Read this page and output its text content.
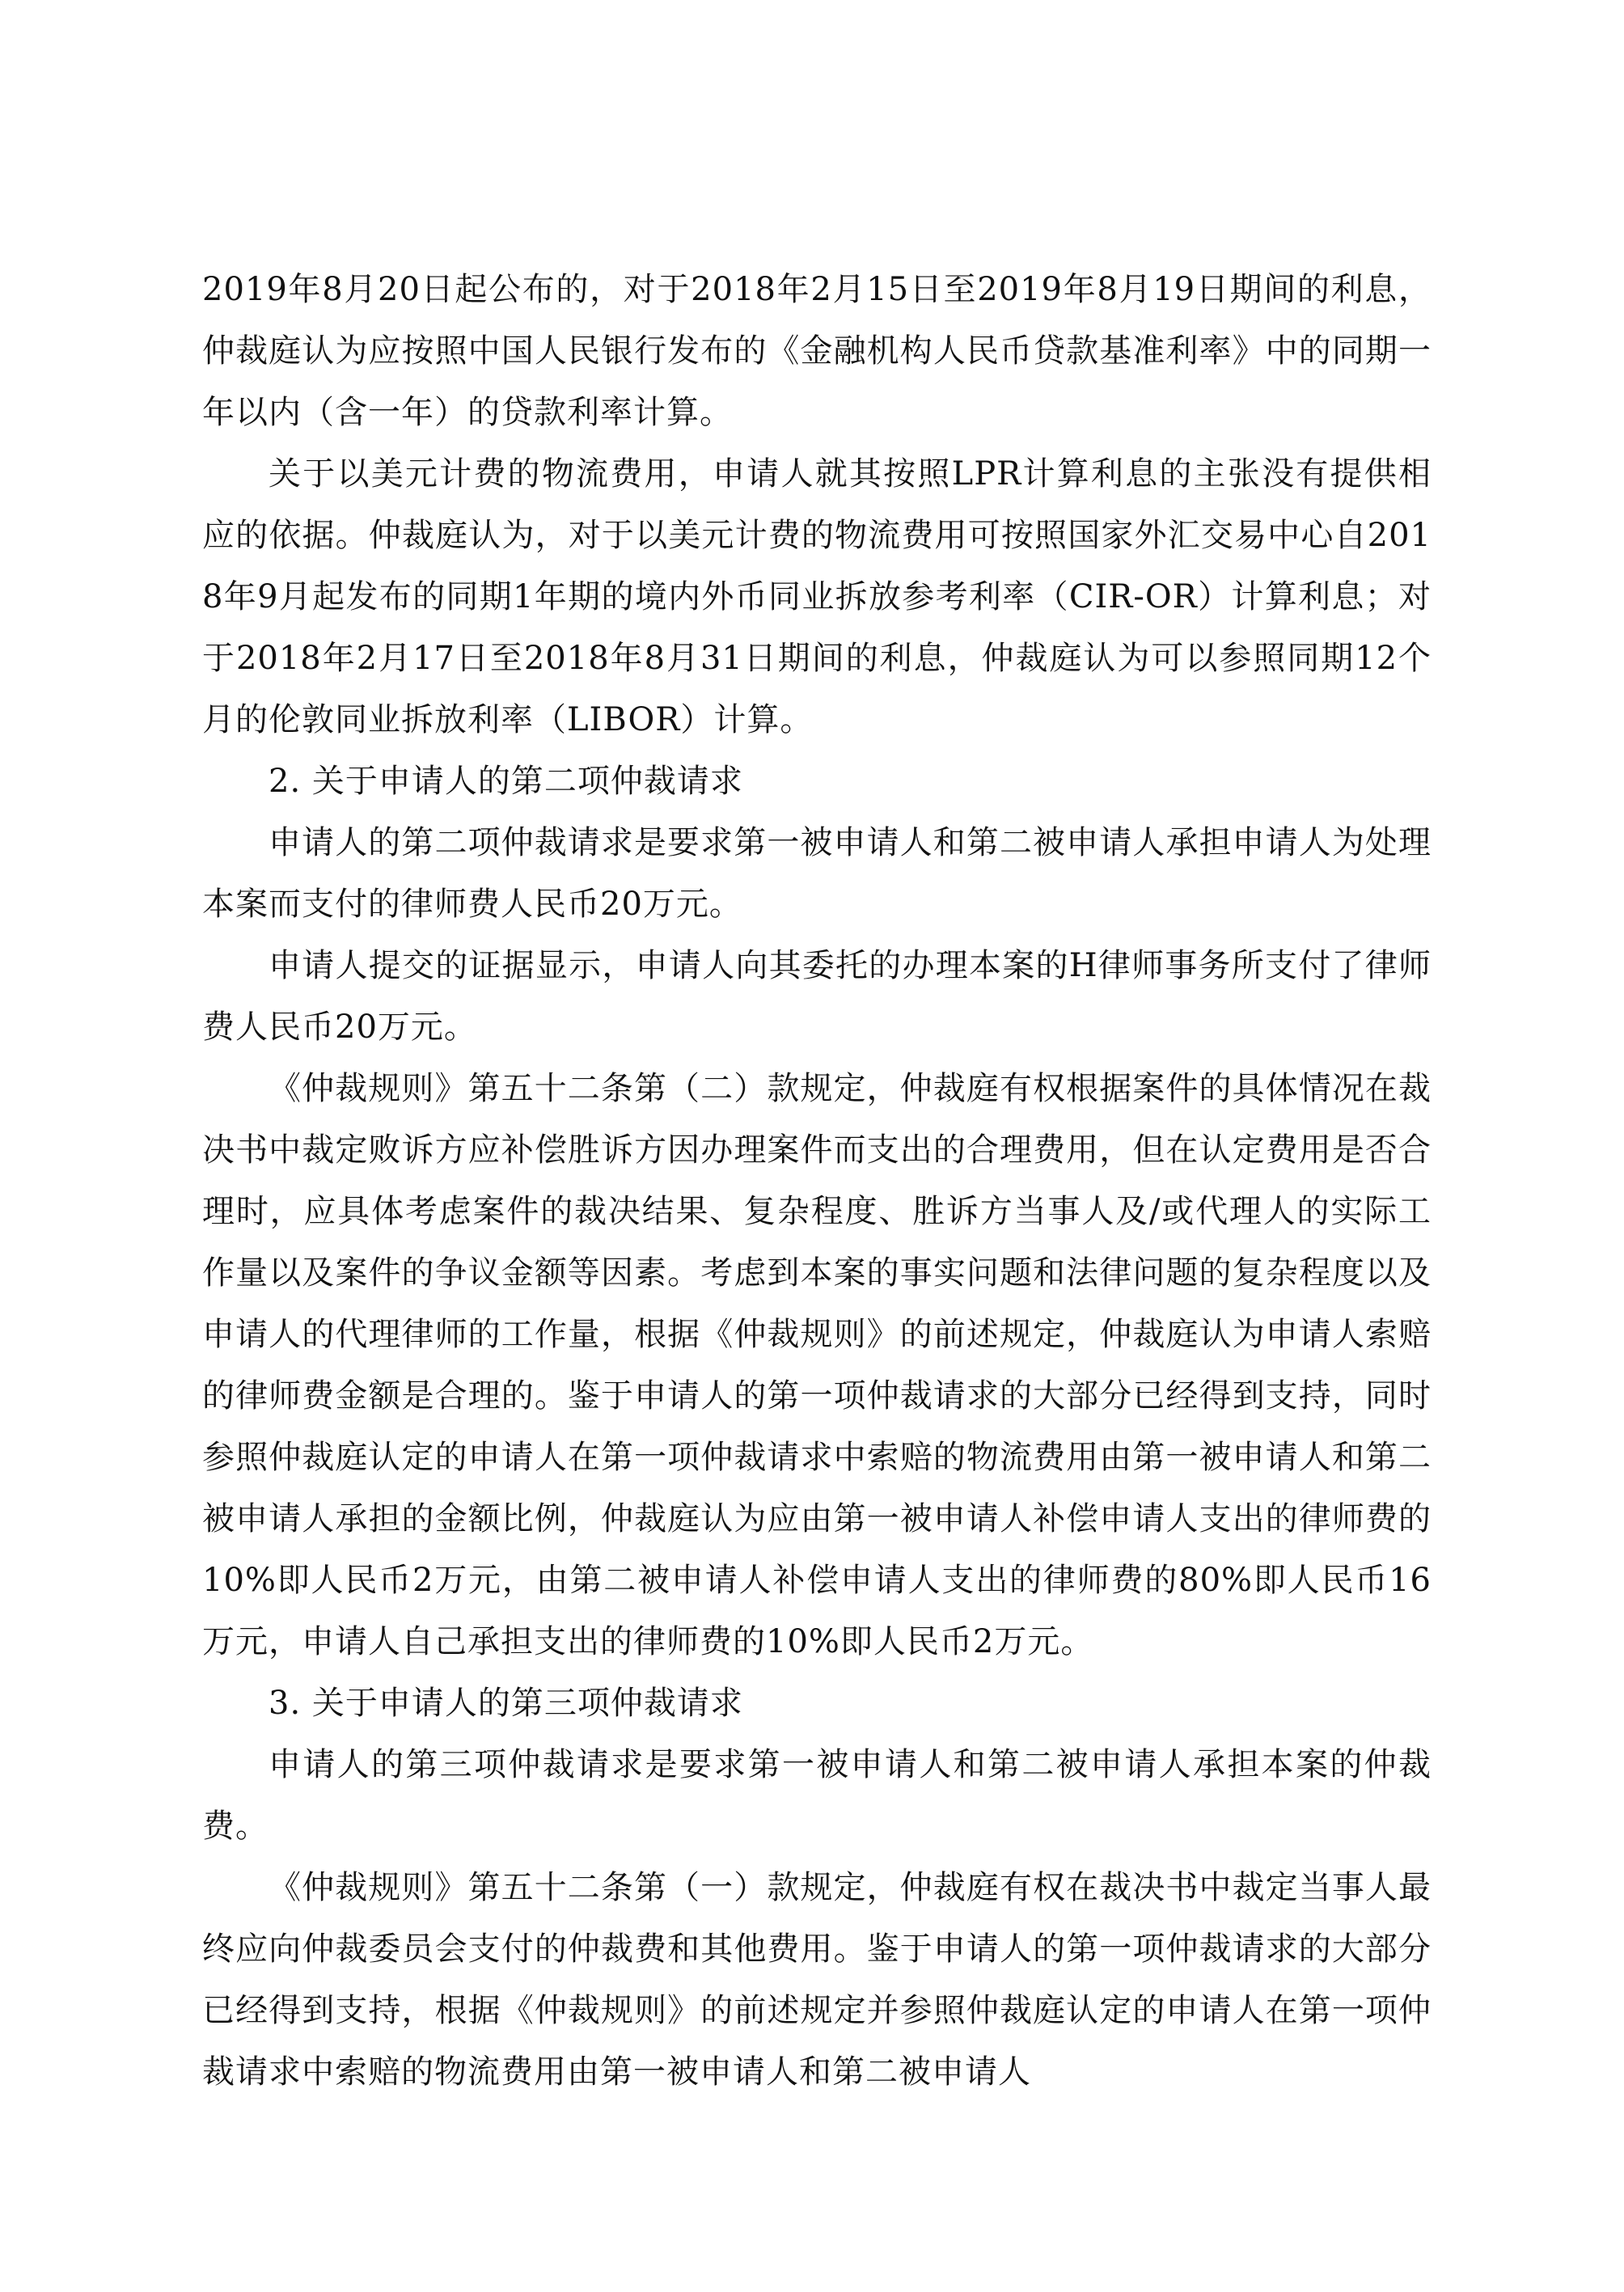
2019年8月20日起公布的，对于2018年2月15日至2019年8月19日期间的利息，仲裁庭认为应按照中国人民银行发布的《金融机构人民币贷款基准利率》中的同期一年以内（含一年）的贷款利率计算。

关于以美元计费的物流费用，申请人就其按照LPR计算利息的主张没有提供相应的依据。仲裁庭认为，对于以美元计费的物流费用可按照国家外汇交易中心自2018年9月起发布的同期1年期的境内外币同业拆放参考利率（CIR-OR）计算利息；对于2018年2月17日至2018年8月31日期间的利息，仲裁庭认为可以参照同期12个月的伦敦同业拆放利率（LIBOR）计算。

2. 关于申请人的第二项仲裁请求

申请人的第二项仲裁请求是要求第一被申请人和第二被申请人承担申请人为处理本案而支付的律师费人民币20万元。

申请人提交的证据显示，申请人向其委托的办理本案的H律师事务所支付了律师费人民币20万元。

《仲裁规则》第五十二条第（二）款规定，仲裁庭有权根据案件的具体情况在裁决书中裁定败诉方应补偿胜诉方因办理案件而支出的合理费用，但在认定费用是否合理时，应具体考虑案件的裁决结果、复杂程度、胜诉方当事人及/或代理人的实际工作量以及案件的争议金额等因素。考虑到本案的事实问题和法律问题的复杂程度以及申请人的代理律师的工作量，根据《仲裁规则》的前述规定，仲裁庭认为申请人索赔的律师费金额是合理的。鉴于申请人的第一项仲裁请求的大部分已经得到支持，同时参照仲裁庭认定的申请人在第一项仲裁请求中索赔的物流费用由第一被申请人和第二被申请人承担的金额比例，仲裁庭认为应由第一被申请人补偿申请人支出的律师费的10%即人民币2万元，由第二被申请人补偿申请人支出的律师费的80%即人民币16万元，申请人自己承担支出的律师费的10%即人民币2万元。

3. 关于申请人的第三项仲裁请求

申请人的第三项仲裁请求是要求第一被申请人和第二被申请人承担本案的仲裁费。

《仲裁规则》第五十二条第（一）款规定，仲裁庭有权在裁决书中裁定当事人最终应向仲裁委员会支付的仲裁费和其他费用。鉴于申请人的第一项仲裁请求的大部分已经得到支持，根据《仲裁规则》的前述规定并参照仲裁庭认定的申请人在第一项仲裁请求中索赔的物流费用由第一被申请人和第二被申请人
